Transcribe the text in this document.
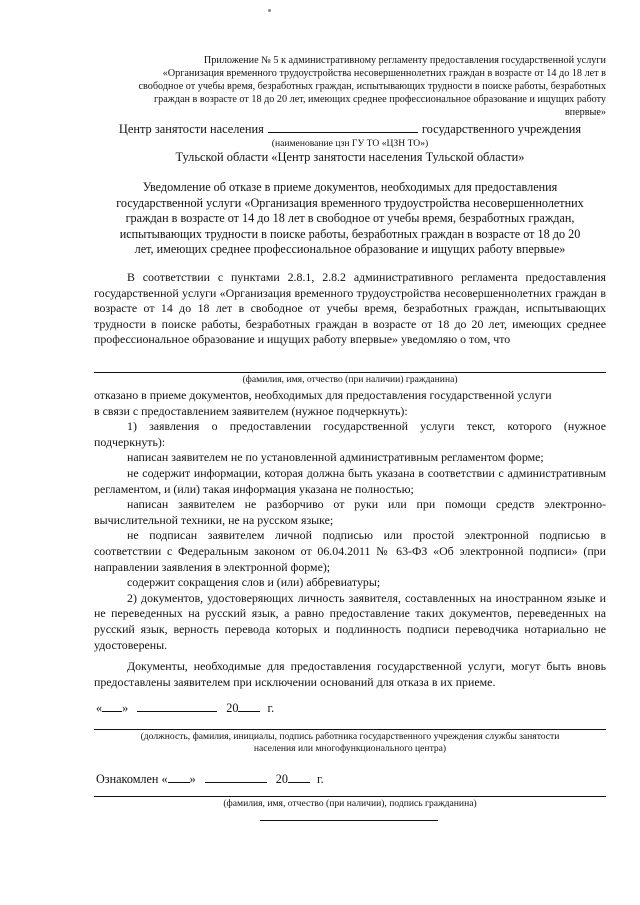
Приложение № 5 к административному регламенту предоставления государственной услуги
«Организация временного трудоустройства несовершеннолетних граждан в возрасте от 14 до 18 лет в
свободное от учебы время, безработных граждан, испытывающих трудности в поиске работы, безработных
граждан в возрасте от 18 до 20 лет, имеющих среднее профессиональное образование и ищущих работу
впервые»
Центр занятости населения	государственного учреждения
(наименование цзн ГУ ТО «ЦЗН ТО»)
Тульской области «Центр занятости населения Тульской области»
Уведомление об отказе в приеме документов, необходимых для предоставления
государственной услуги «Организация временного трудоустройства несовершеннолетних
граждан в возрасте от 14 до 18 лет в свободное от учебы время, безработных граждан,
испытывающих трудности в поиске работы, безработных граждан в возрасте от 18 до 20
лет, имеющих среднее профессиональное образование и ищущих работу впервые»
В соответствии с пунктами 2.8.1, 2.8.2 административного регламента предоставления государственной услуги «Организация временного трудоустройства несовершеннолетних граждан в возрасте от 14 до 18 лет в свободное от учебы время, безработных граждан, испытывающих трудности в поиске работы, безработных граждан в возрасте от 18 до 20 лет, имеющих среднее профессиональное образование и ищущих работу впервые» уведомляю о том, что
(фамилия, имя, отчество (при наличии) гражданина)

отказано в приеме документов, необходимых для предоставления государственной услуги

в связи с предоставлением заявителем (нужное подчеркнуть):

1) заявления о предоставлении государственной услуги текст, которого (нужное подчеркнуть):

написан заявителем не по установленной административным регламентом форме;

не содержит информации, которая должна быть указана в соответствии с административным регламентом, и (или) такая информация указана не полностью;

написан заявителем не разборчиво от руки или при помощи средств электронно-вычислительной техники, не на русском языке;

не подписан заявителем личной подписью или простой электронной подписью в соответствии с Федеральным законом от 06.04.2011 № 63-ФЗ «Об электронной подписи» (при направлении заявления в электронной форме);

содержит сокращения слов и (или) аббревиатуры;

2) документов, удостоверяющих личность заявителя, составленных на иностранном языке и не переведенных на русский язык, а равно предоставление таких документов, переведенных на русский язык, верность перевода которых и подлинность подписи переводчика нотариально не удостоверены.

Документы, необходимые для предоставления государственной услуги, могут быть вновь предоставлены заявителем при исключении оснований для отказа в их приеме.
« »	20 г.
(должность, фамилия, инициалы, подпись работника государственного учреждения службы занятости
населения или многофункционального центра)
Ознакомлен « »	20 г.
(фамилия, имя, отчество (при наличии), подпись гражданина)
